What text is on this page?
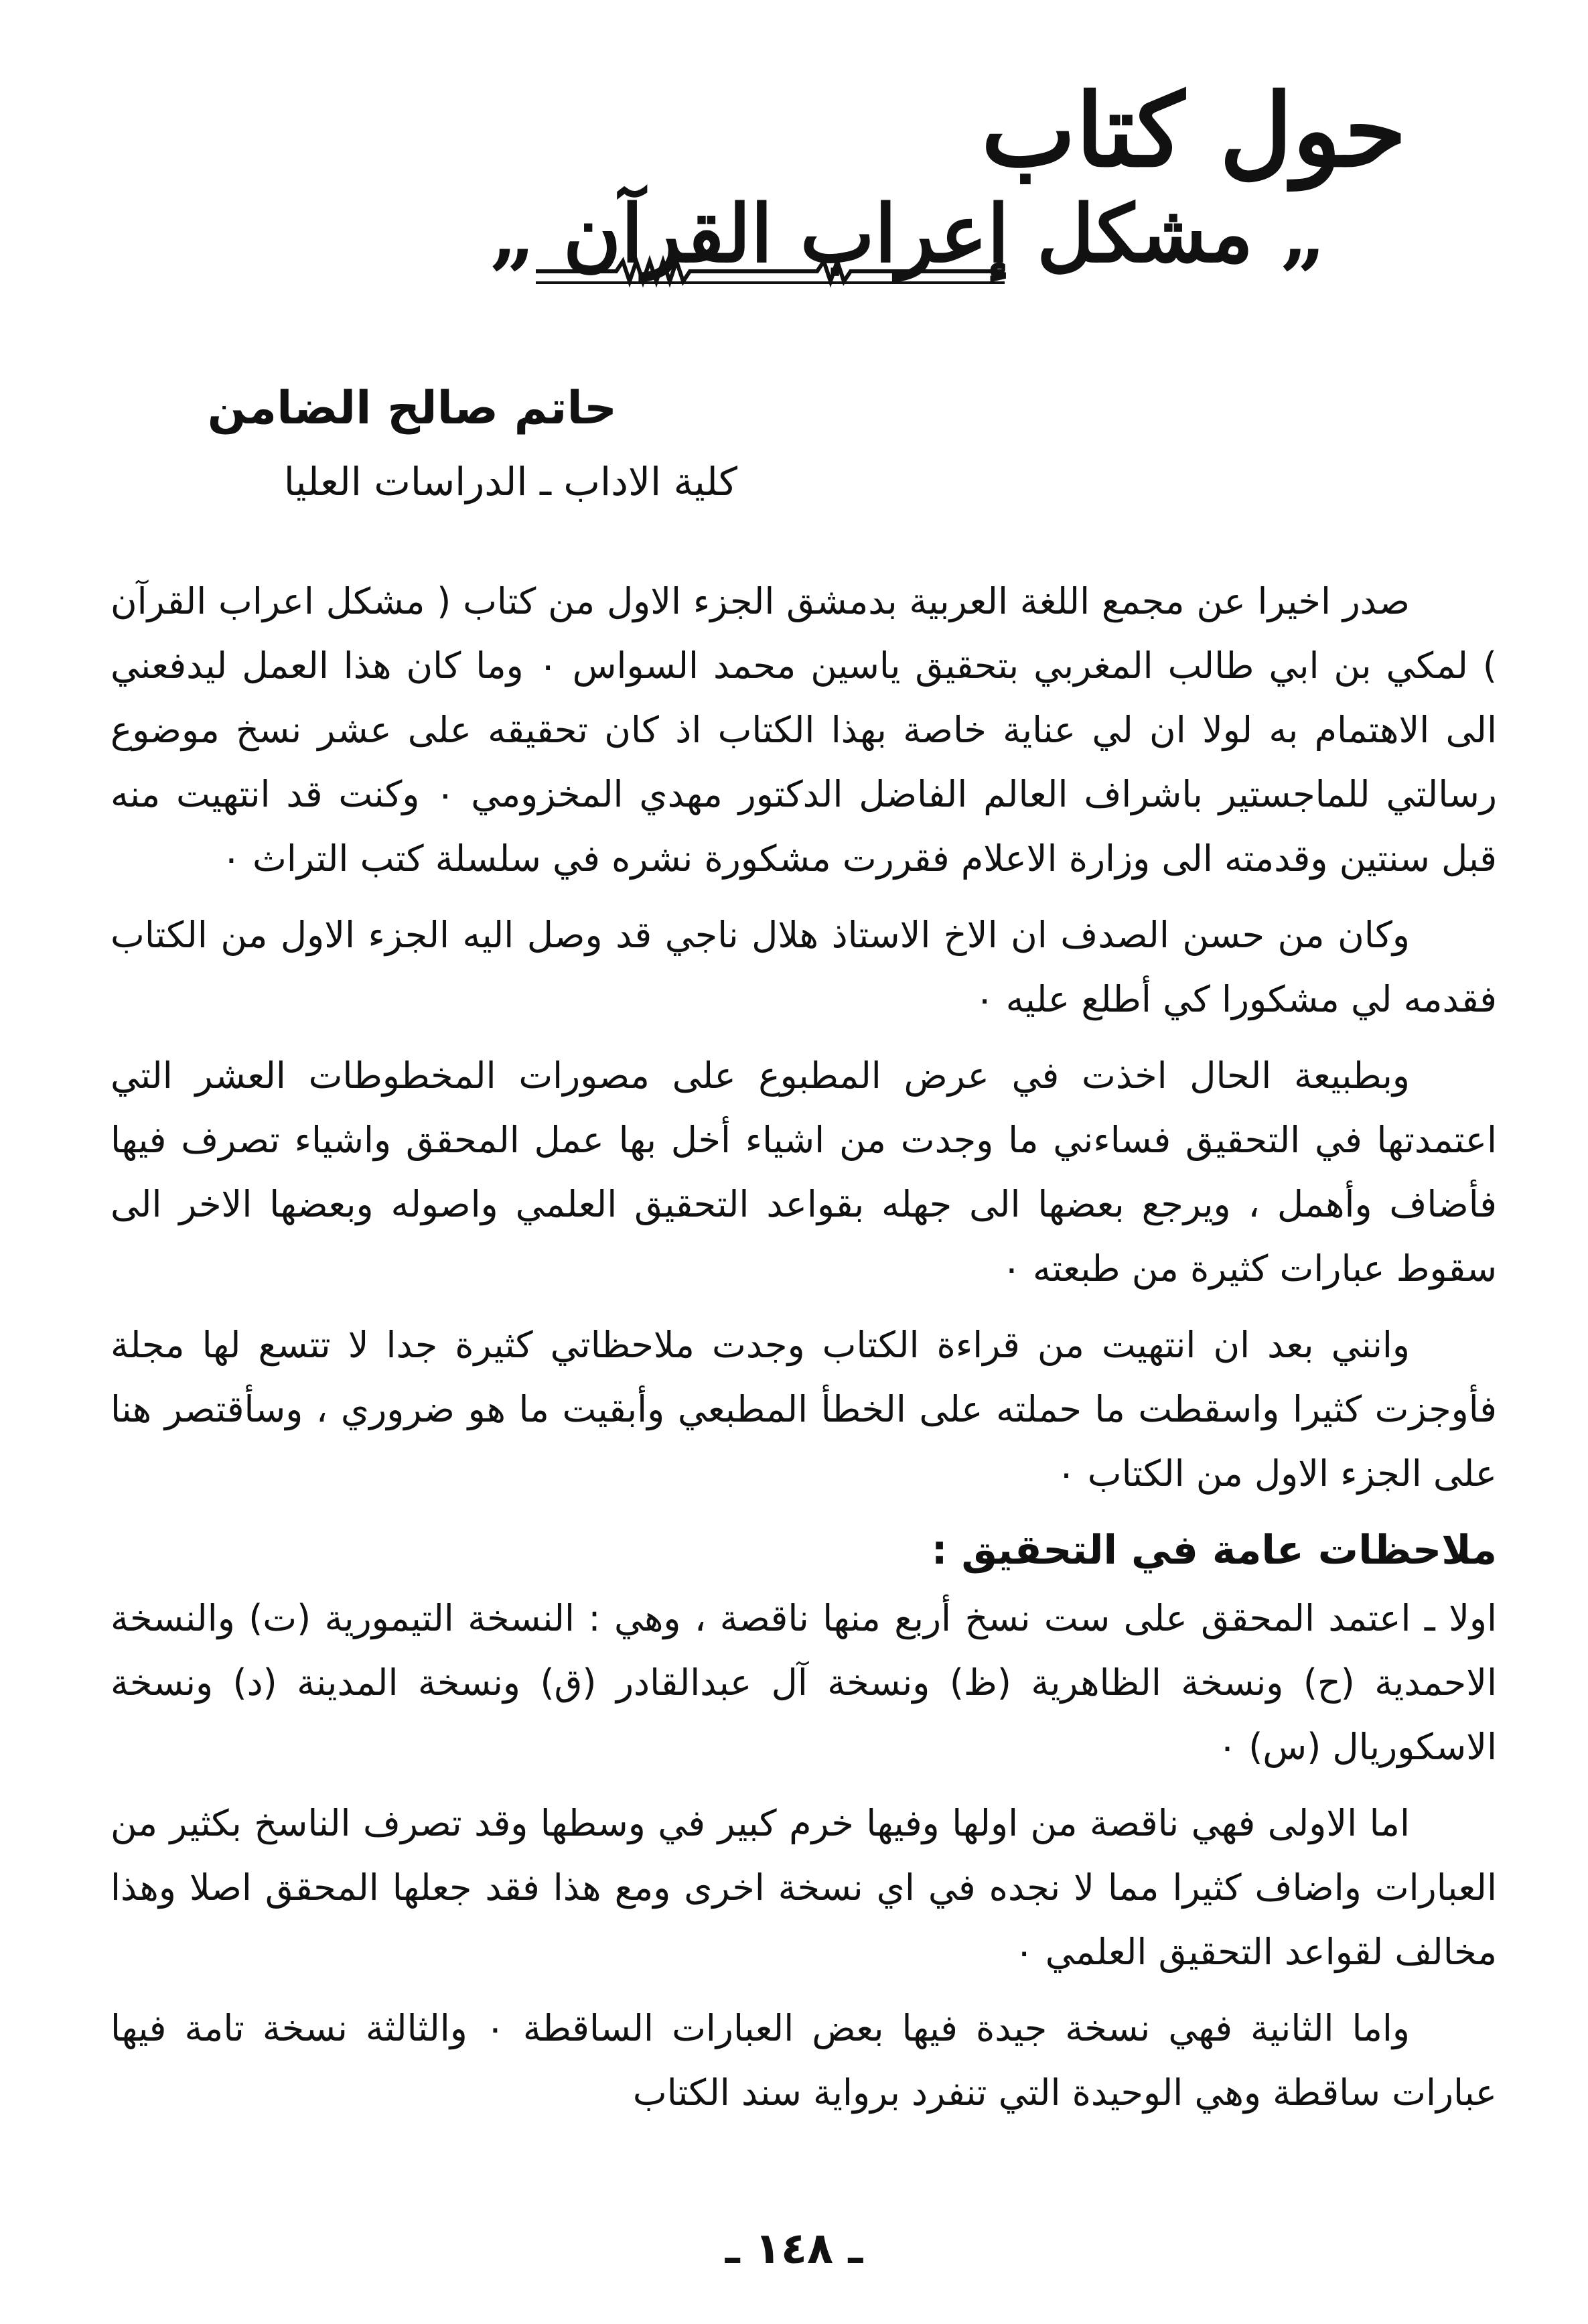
حول كتاب
„ مشكل إعراب القرآن „
حاتم صالح الضامن
كلية الاداب ـ الدراسات العليا

صدر اخيرا عن مجمع اللغة العربية بدمشق الجزء الاول من كتاب ( مشكل اعراب القرآن ) لمكي بن ابي طالب المغربي بتحقيق ياسين محمد السواس ٠ وما كان هذا العمل ليدفعني الى الاهتمام به لولا ان لي عناية خاصة بهذا الكتاب اذ كان تحقيقه على عشر نسخ موضوع رسالتي للماجستير باشراف العالم الفاضل الدكتور مهدي المخزومي ٠ وكنت قد انتهيت منه قبل سنتين وقدمته الى وزارة الاعلام فقررت مشكورة نشره في سلسلة كتب التراث ٠

وكان من حسن الصدف ان الاخ الاستاذ هلال ناجي قد وصل اليه الجزء الاول من الكتاب فقدمه لي مشكورا كي أطلع عليه ٠

وبطبيعة الحال اخذت في عرض المطبوع على مصورات المخطوطات العشر التي اعتمدتها في التحقيق فساءني ما وجدت من اشياء أخل بها عمل المحقق واشياء تصرف فيها فأضاف وأهمل ، ويرجع بعضها الى جهله بقواعد التحقيق العلمي واصوله وبعضها الاخر الى سقوط عبارات كثيرة من طبعته ٠

وانني بعد ان انتهيت من قراءة الكتاب وجدت ملاحظاتي كثيرة جدا لا تتسع لها مجلة فأوجزت كثيرا واسقطت ما حملته على الخطأ المطبعي وأبقيت ما هو ضروري ، وسأقتصر هنا على الجزء الاول من الكتاب ٠

ملاحظات عامة في التحقيق :

اولا ـ اعتمد المحقق على ست نسخ أربع منها ناقصة ، وهي : النسخة التيمورية (ت) والنسخة الاحمدية (ح) ونسخة الظاهرية (ظ) ونسخة آل عبدالقادر (ق) ونسخة المدينة (د) ونسخة الاسكوريال (س) ٠

اما الاولى فهي ناقصة من اولها وفيها خرم كبير في وسطها وقد تصرف الناسخ بكثير من العبارات واضاف كثيرا مما لا نجده في اي نسخة اخرى ومع هذا فقد جعلها المحقق اصلا وهذا مخالف لقواعد التحقيق العلمي ٠

واما الثانية فهي نسخة جيدة فيها بعض العبارات الساقطة ٠ والثالثة نسخة تامة فيها عبارات ساقطة وهي الوحيدة التي تنفرد برواية سند الكتاب

ـ ١٤٨ ـ
